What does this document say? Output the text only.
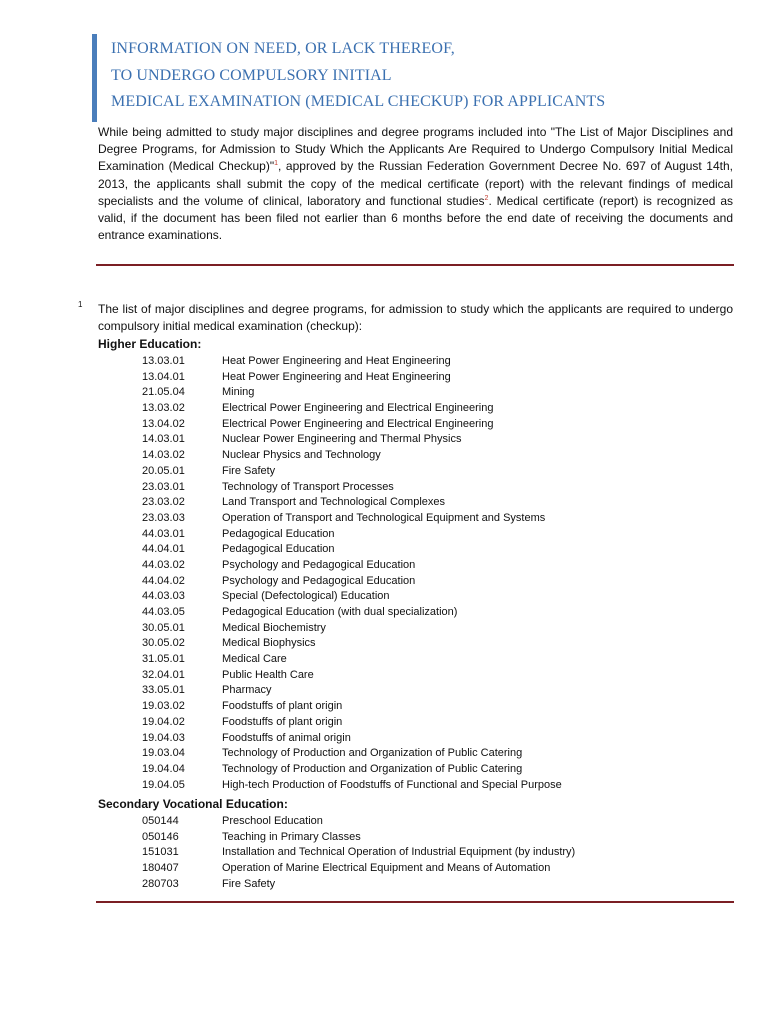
INFORMATION ON NEED, OR LACK THEREOF,
TO UNDERGO COMPULSORY INITIAL
MEDICAL EXAMINATION (MEDICAL CHECKUP) FOR APPLICANTS
While being admitted to study major disciplines and degree programs included into "The List of Major Disciplines and Degree Programs, for Admission to Study Which the Applicants Are Required to Undergo Compulsory Initial Medical Examination (Medical Checkup)"$^1$, approved by the Russian Federation Government Decree No. 697 of August 14th, 2013, the applicants shall submit the copy of the medical certificate (report) with the relevant findings of medical specialists and the volume of clinical, laboratory and functional studies$^2$. Medical certificate (report) is recognized as valid, if the document has been filed not earlier than 6 months before the end date of receiving the documents and entrance examinations.
1 The list of major disciplines and degree programs, for admission to study which the applicants are required to undergo compulsory initial medical examination (checkup):
Higher Education:
13.03.01	Heat Power Engineering and Heat Engineering
13.04.01	Heat Power Engineering and Heat Engineering
21.05.04	Mining
13.03.02	Electrical Power Engineering and Electrical Engineering
13.04.02	Electrical Power Engineering and Electrical Engineering
14.03.01	Nuclear Power Engineering and Thermal Physics
14.03.02	Nuclear Physics and Technology
20.05.01	Fire Safety
23.03.01	Technology of Transport Processes
23.03.02	Land Transport and Technological Complexes
23.03.03	Operation of Transport and Technological Equipment and Systems
44.03.01	Pedagogical Education
44.04.01	Pedagogical Education
44.03.02	Psychology and Pedagogical Education
44.04.02	Psychology and Pedagogical Education
44.03.03	Special (Defectological) Education
44.03.05	Pedagogical Education (with dual specialization)
30.05.01	Medical Biochemistry
30.05.02	Medical Biophysics
31.05.01	Medical Care
32.04.01	Public Health Care
33.05.01	Pharmacy
19.03.02	Foodstuffs of plant origin
19.04.02	Foodstuffs of plant origin
19.04.03	Foodstuffs of animal origin
19.03.04	Technology of Production and Organization of Public Catering
19.04.04	Technology of Production and Organization of Public Catering
19.04.05	High-tech Production of Foodstuffs of Functional and Special Purpose
Secondary Vocational Education:
050144	Preschool Education
050146	Teaching in Primary Classes
151031	Installation and Technical Operation of Industrial Equipment (by industry)
180407	Operation of Marine Electrical Equipment and Means of Automation
280703	Fire Safety
